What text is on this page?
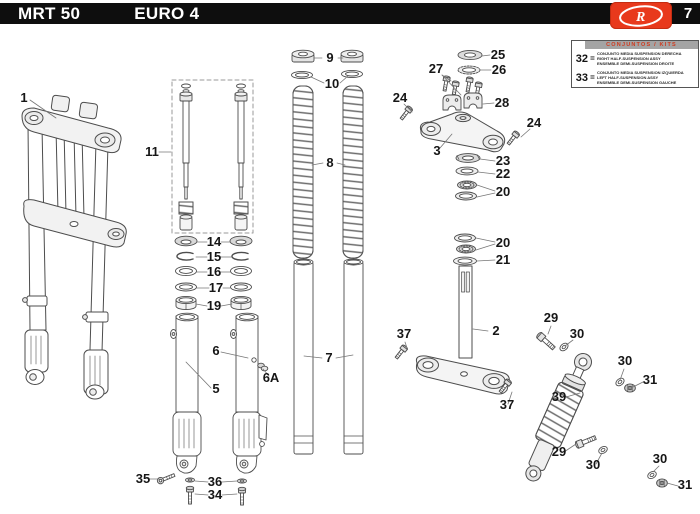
MRT 50	EURO 4	7
R
CONJUNTOS / KITS
32 =
CONJUNTO MEDIA SUSPENSION DERECHA
RIGHT HALF-SUSPENSION ASSY
ENSEMBLE DEMI-SUSPENSION DROITE
33 =
CONJUNTO MEDIA SUSPENSION IZQUIERDA
LEFT HALF-SUSPENSION ASSY
ENSEMBLE DEMI-SUSPENSION GAUCHE
1
11
9
10
8
14
15
16
17
19
6
5
6A
35	36
34
7
25
26
27
28
24
24
3
23
22
20
20
21
2
37
37
29
30
30
31
39
29
30	30
31
